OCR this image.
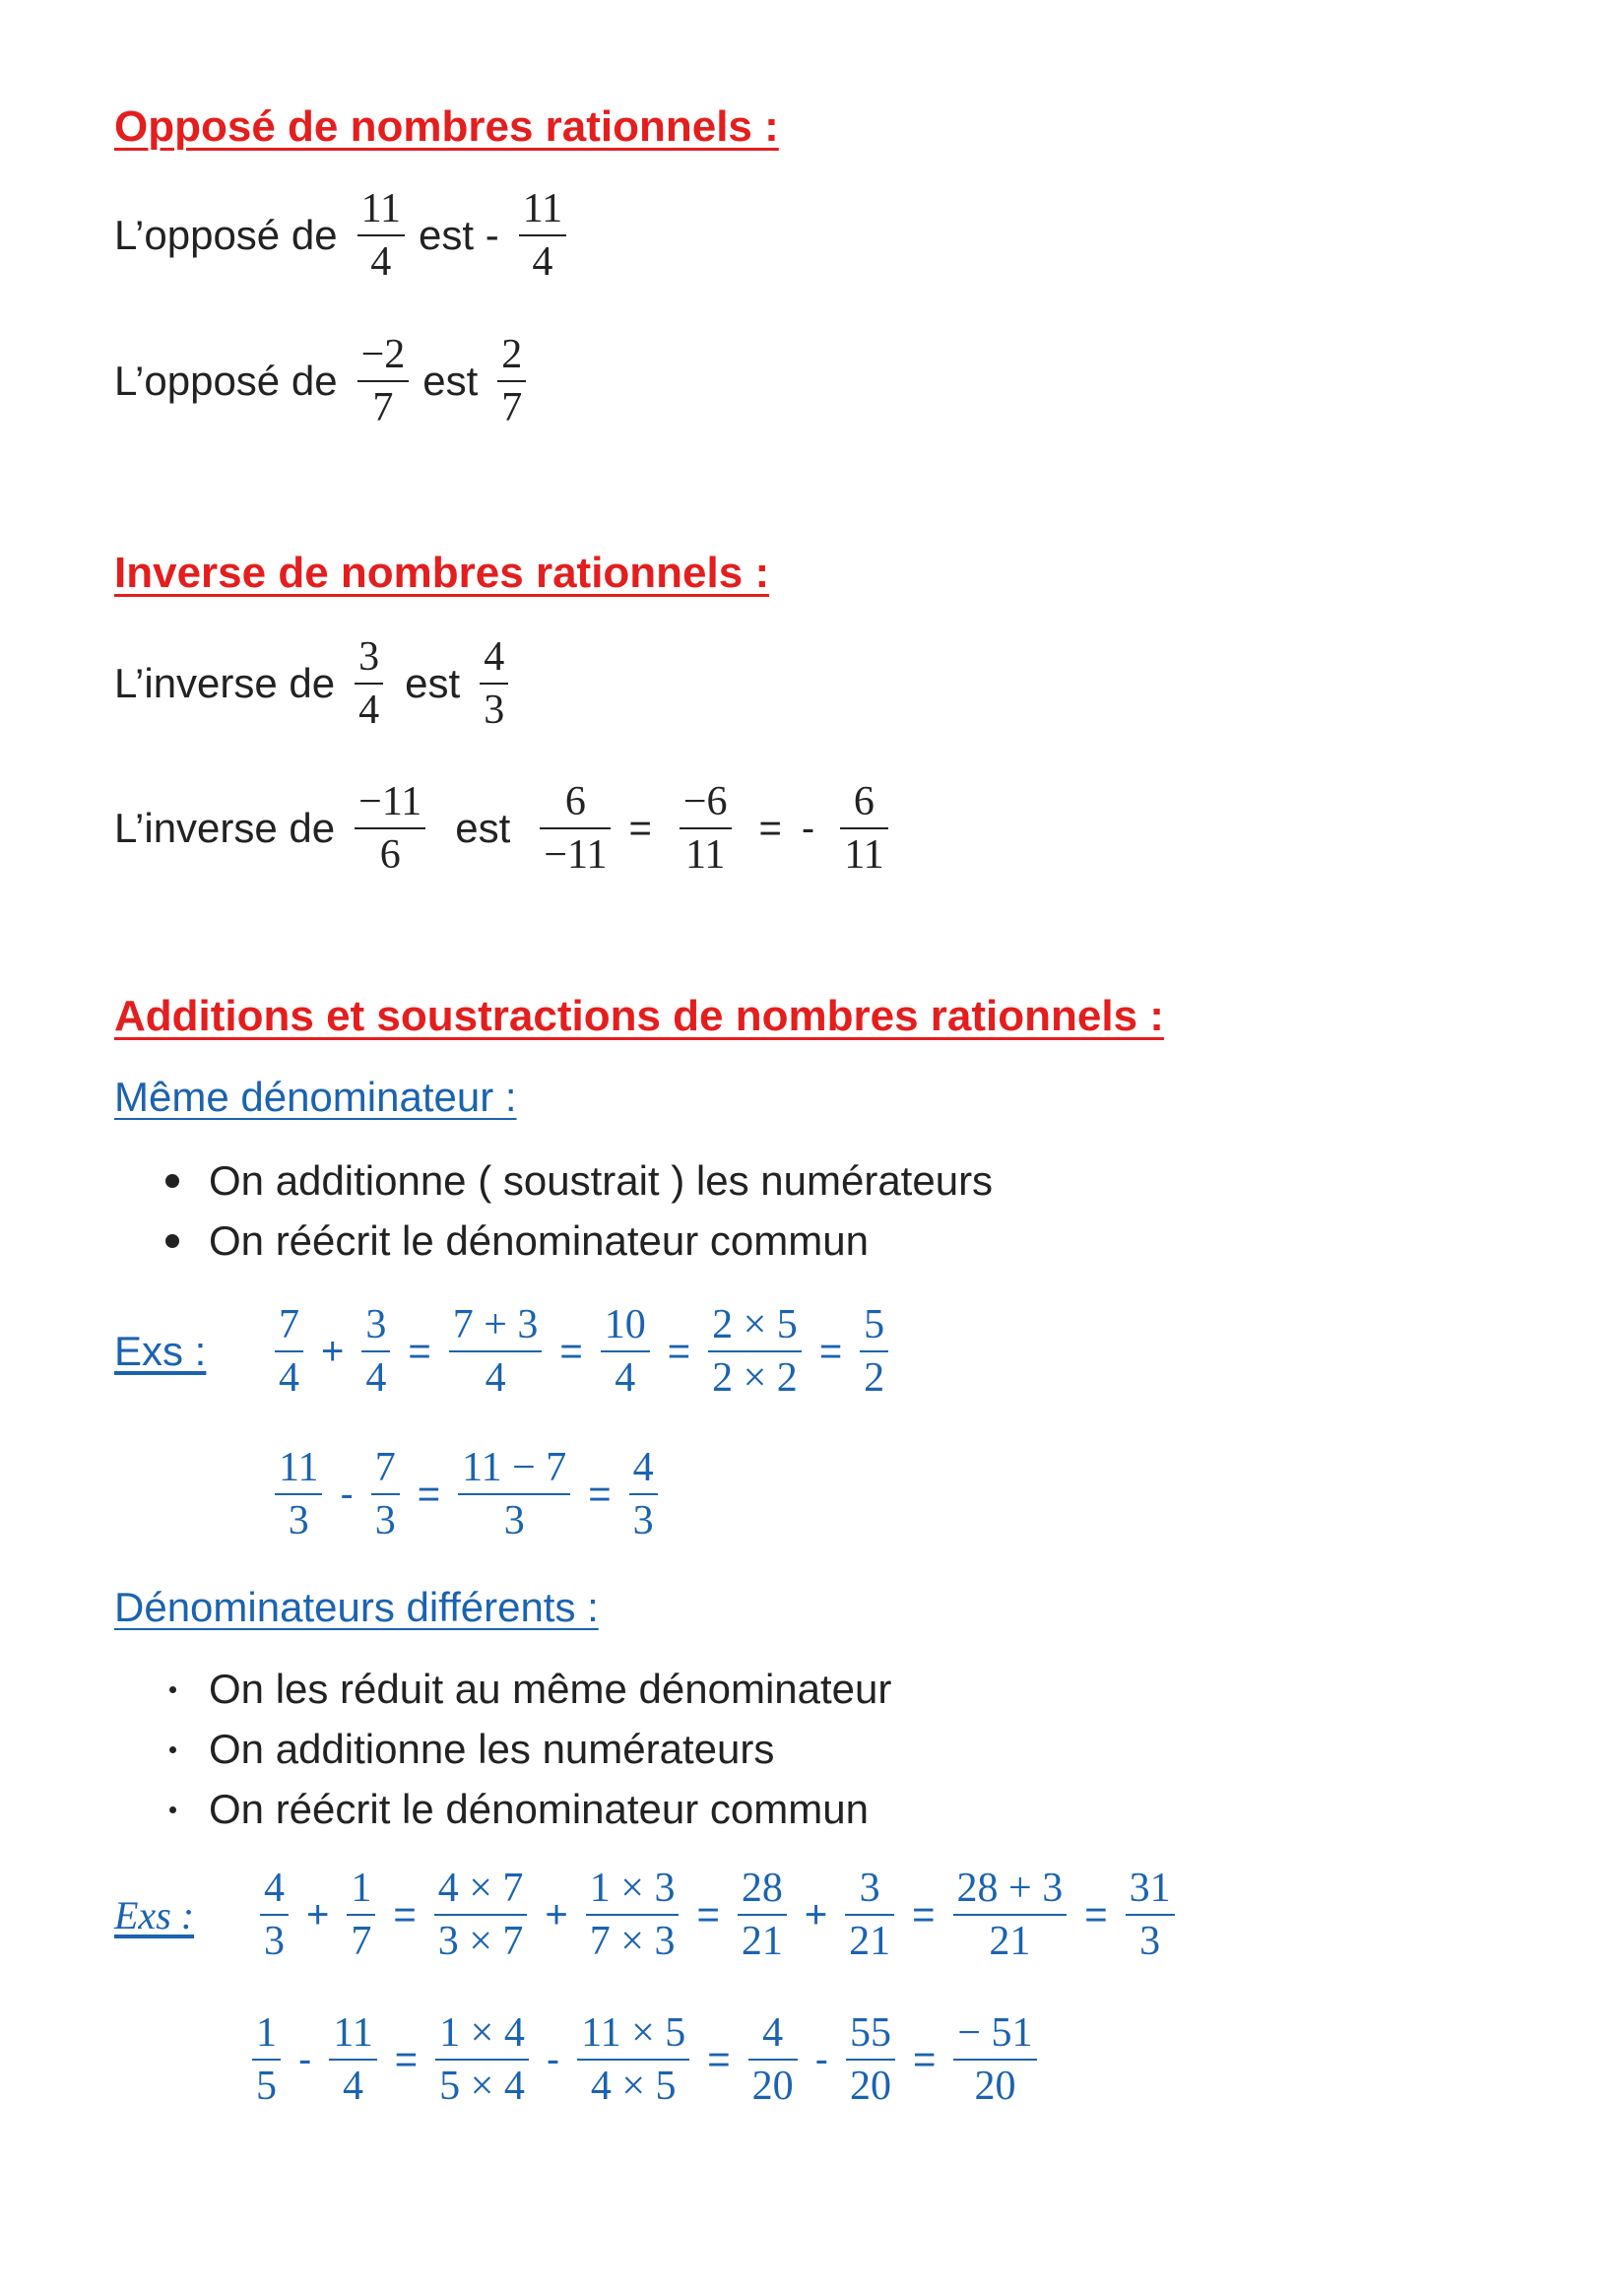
Opposé de nombres rationnels :
L’opposé de $\frac{11}{4}$ est - $\frac{11}{4}$
L’opposé de $\frac{-2}{7}$ est $\frac{2}{7}$
Inverse de nombres rationnels :
L’inverse de $\frac{3}{4}$ est $\frac{4}{3}$
L’inverse de $\frac{-11}{6}$ est $\frac{6}{-11} = \frac{-6}{11}$ = - $\frac{6}{11}$
Additions et soustractions de nombres rationnels :
Même dénominateur :
On additionne ( soustrait ) les numérateurs
On réécrit le dénominateur commun
Exs :	$\frac{7}{4} + \frac{3}{4} = \frac{7 + 3}{4} = \frac{10}{4} = \frac{2 \times 5}{2 \times 2} = \frac{5}{2}$
$\frac{11}{3} - \frac{7}{3} = \frac{11 - 7}{3} = \frac{4}{3}$
Dénominateurs différents :
On les réduit au même dénominateur
On additionne les numérateurs
On réécrit le dénominateur commun
Exs :	$\frac{4}{3} + \frac{1}{7} = \frac{4 \times 7}{3 \times 7} + \frac{1 \times 3}{7 \times 3} = \frac{28}{21} + \frac{3}{21} = \frac{28 + 3}{21} = \frac{31}{3}$
$\frac{1}{5} - \frac{11}{4} = \frac{1 \times 4}{5 \times 4} - \frac{11 \times 5}{4 \times 5} = \frac{4}{20} - \frac{55}{20} = \frac{- 51}{20}$
